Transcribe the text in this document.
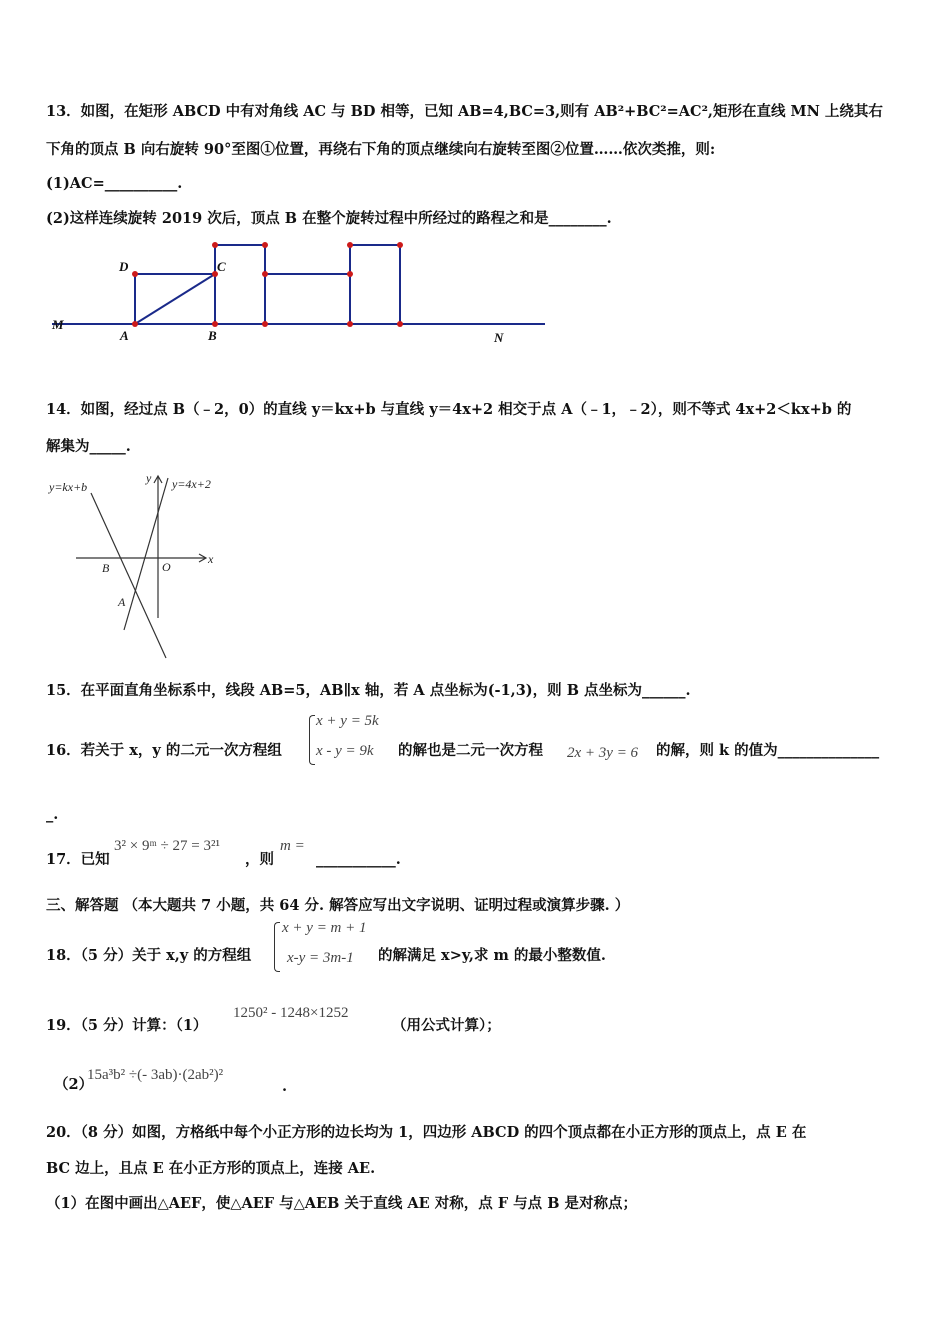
13．如图，在矩形 ABCD 中有对角线 AC 与 BD 相等，已知 AB=4,BC=3,则有 AB²+BC²=AC²,矩形在直线 MN 上绕其右
下角的顶点 B 向右旋转 90°至图①位置，再绕右下角的顶点继续向右旋转至图②位置……依次类推，则:
(1)AC=__________.
(2)这样连续旋转 2019 次后，顶点 B 在整个旋转过程中所经过的路程之和是________.
M
D	C
A	B	N
14．如图，经过点 B（﹣2，0）的直线 y＝kx+b 与直线 y＝4x+2 相交于点 A（﹣1，﹣2），则不等式 4x+2＜kx+b 的
解集为_____.
y=kx+b	y=4x+2
y
x
B	O
A
15．在平面直角坐标系中，线段 AB=5，AB∥x 轴，若 A 点坐标为(-1,3)，则 B 点坐标为______.
16．若关于 x，y 的二元一次方程组
x + y = 5k
x - y = 9k 的解也是二元一次方程 2x + 3y = 6 的解，则 k 的值为______________
_.
17．已知
3² × 9ᵐ ÷ 27 = 3²¹
，则
m =
___________.
三、解答题 （本大题共 7 小题，共 64 分. 解答应写出文字说明、证明过程或演算步骤. ）
18．（5 分）关于 x,y 的方程组
x + y = m + 1
x-y = 3m-1 的解满足 x>y,求 m 的最小整数值.
19．（5 分）计算：（1）
1250² - 1248×1252
（用公式计算）；
（2）
15a³b² ÷(- 3ab)·(2ab²)²
.
20．（8 分）如图，方格纸中每个小正方形的边长均为 1，四边形 ABCD 的四个顶点都在小正方形的顶点上，点 E 在
BC 边上，且点 E 在小正方形的顶点上，连接 AE.
（1）在图中画出△AEF，使△AEF 与△AEB 关于直线 AE 对称，点 F 与点 B 是对称点；
